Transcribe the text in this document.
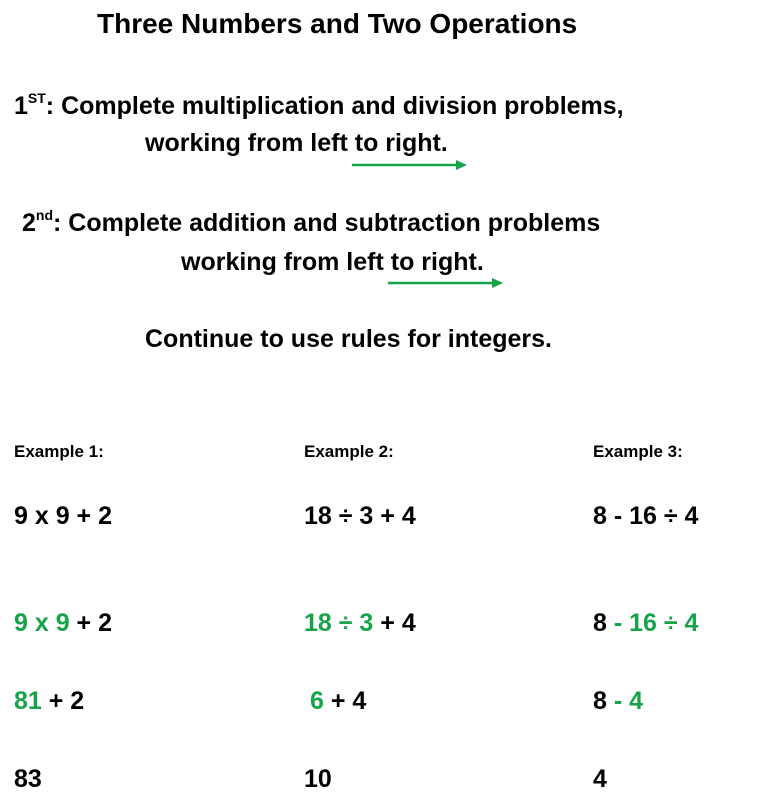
Three Numbers and Two Operations
1ST: Complete multiplication and division problems,
working from left to right.
2nd: Complete addition and subtraction problems
working from left to right.
Continue to use rules for integers.
Example 1:
9 x 9 + 2
9 x 9 + 2
81 + 2
83
Example 2:
18 ÷ 3 + 4
18 ÷ 3 + 4
6 + 4
10
Example 3:
8 - 16 ÷ 4
8 - 16 ÷ 4
8 - 4
4
